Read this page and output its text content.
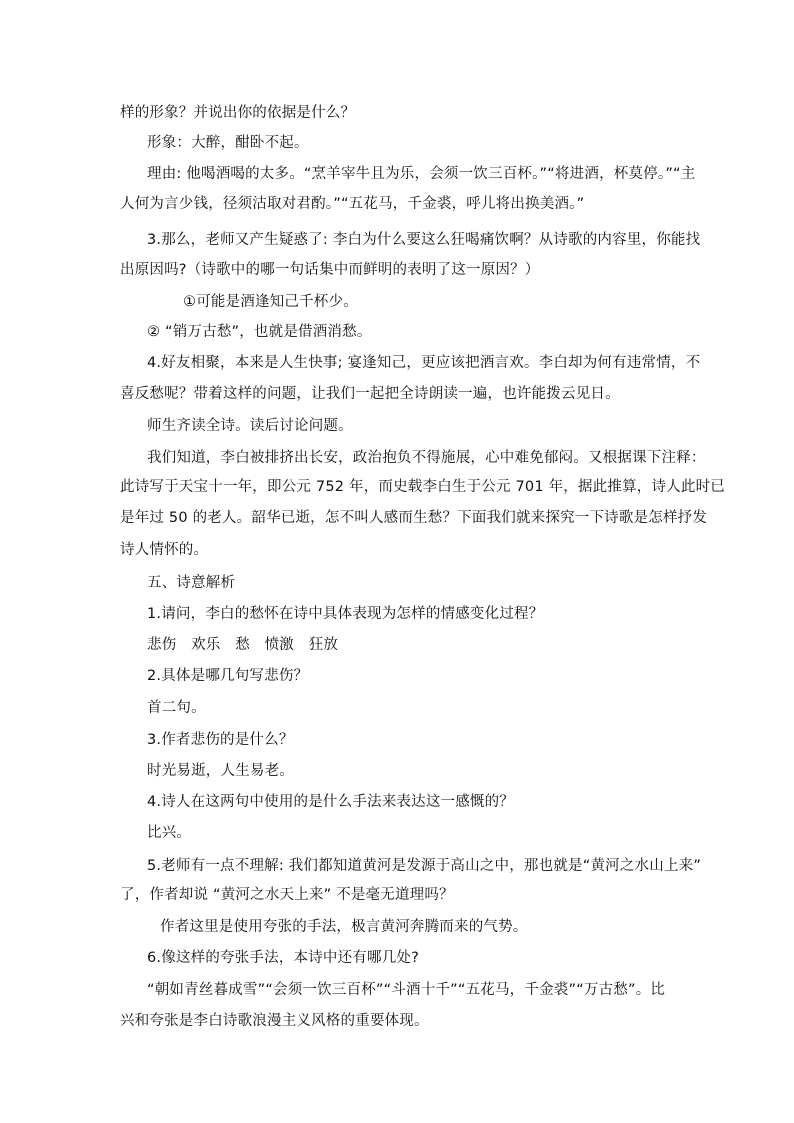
样的形象？并说出你的依据是什么？
形象：大醉，酣卧不起。
理由: 他喝酒喝的太多。“烹羊宰牛且为乐，会须一饮三百杯。”“将进酒，杯莫停。”“主
人何为言少钱，径须沽取对君酌。”“五花马，千金裘，呼儿将出换美酒。”
3.那么，老师又产生疑惑了: 李白为什么要这么狂喝痛饮啊？从诗歌的内容里，你能找
出原因吗?（诗歌中的哪一句话集中而鲜明的表明了这一原因？）
①可能是酒逢知己千杯少。
② “销万古愁”，也就是借酒消愁。
4.好友相聚，本来是人生快事; 宴逢知己，更应该把酒言欢。李白却为何有违常情，不
喜反愁呢？带着这样的问题，让我们一起把全诗朗读一遍，也许能拨云见日。
师生齐读全诗。读后讨论问题。
我们知道，李白被排挤出长安，政治抱负不得施展，心中难免郁闷。又根据课下注释：
此诗写于天宝十一年，即公元 752 年，而史载李白生于公元 701 年，据此推算，诗人此时已
是年过 50 的老人。韶华已逝，怎不叫人感而生愁？下面我们就来探究一下诗歌是怎样抒发
诗人情怀的。
五、诗意解析
1.请问，李白的愁怀在诗中具体表现为怎样的情感变化过程？
悲伤　欢乐　愁　愤激　狂放
2.具体是哪几句写悲伤？
首二句。
3.作者悲伤的是什么？
时光易逝，人生易老。
4.诗人在这两句中使用的是什么手法来表达这一感慨的？
比兴。
5.老师有一点不理解: 我们都知道黄河是发源于高山之中，那也就是“黄河之水山上来”
了，作者却说 “黄河之水天上来” 不是毫无道理吗？
作者这里是使用夸张的手法，极言黄河奔腾而来的气势。
6.像这样的夸张手法，本诗中还有哪几处?
“朝如青丝暮成雪”“会须一饮三百杯”“斗酒十千”“五花马，千金裘”“万古愁”。比
兴和夸张是李白诗歌浪漫主义风格的重要体现。
